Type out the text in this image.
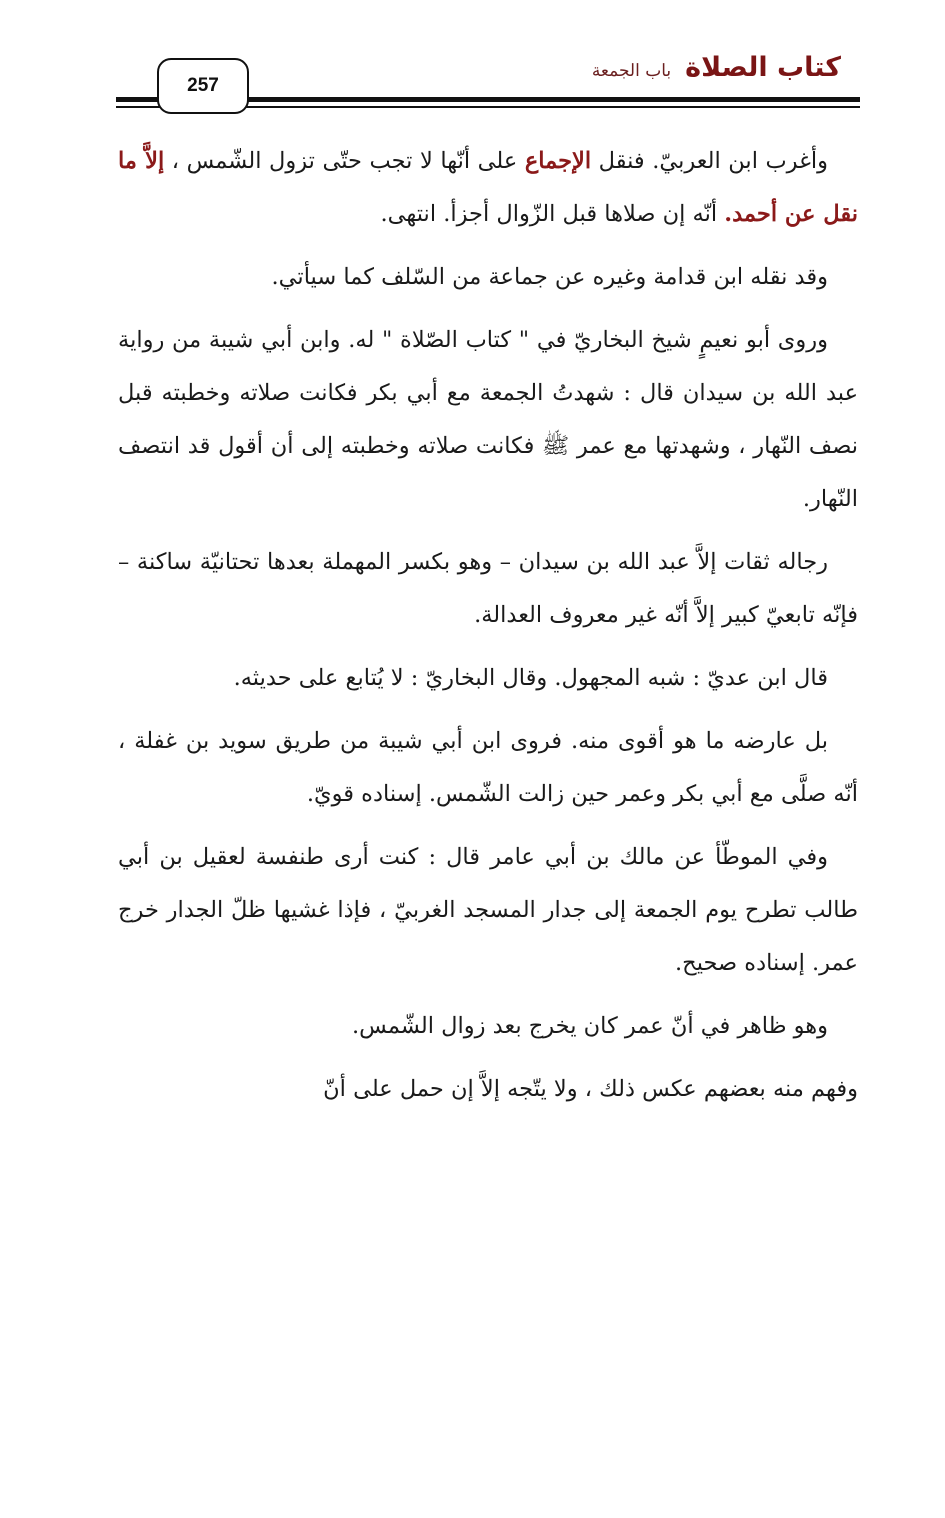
257
كتاب الصلاة
باب الجمعة

وأغرب ابن العربيّ. فنقل الإجماع على أنّها لا تجب حتّى تزول الشّمس ، إلاَّ ما نقل عن أحمد. أنّه إن صلاها قبل الزّوال أجزأ. انتهى.

وقد نقله ابن قدامة وغيره عن جماعة من السّلف كما سيأتي.

وروى أبو نعيمٍ شيخ البخاريّ في " كتاب الصّلاة " له. وابن أبي شيبة من رواية عبد الله بن سيدان قال : شهدتُ الجمعة مع أبي بكر فكانت صلاته وخطبته قبل نصف النّهار ، وشهدتها مع عمر ﷺ فكانت صلاته وخطبته إلى أن أقول قد انتصف النّهار.

رجاله ثقات إلاَّ عبد الله بن سيدان – وهو بكسر المهملة بعدها تحتانيّة ساكنة – فإنّه تابعيّ كبير إلاَّ أنّه غير معروف العدالة.

قال ابن عديّ : شبه المجهول. وقال البخاريّ : لا يُتابع على حديثه.

بل عارضه ما هو أقوى منه. فروى ابن أبي شيبة من طريق سويد بن غفلة ، أنّه صلَّى مع أبي بكر وعمر حين زالت الشّمس. إسناده قويّ.

وفي الموطّأ عن مالك بن أبي عامر قال : كنت أرى طنفسة لعقيل بن أبي طالب تطرح يوم الجمعة إلى جدار المسجد الغربيّ ، فإذا غشيها ظلّ الجدار خرج عمر. إسناده صحيح.

وهو ظاهر في أنّ عمر كان يخرج بعد زوال الشّمس.

وفهم منه بعضهم عكس ذلك ، ولا يتّجه إلاَّ إن حمل على أنّ
